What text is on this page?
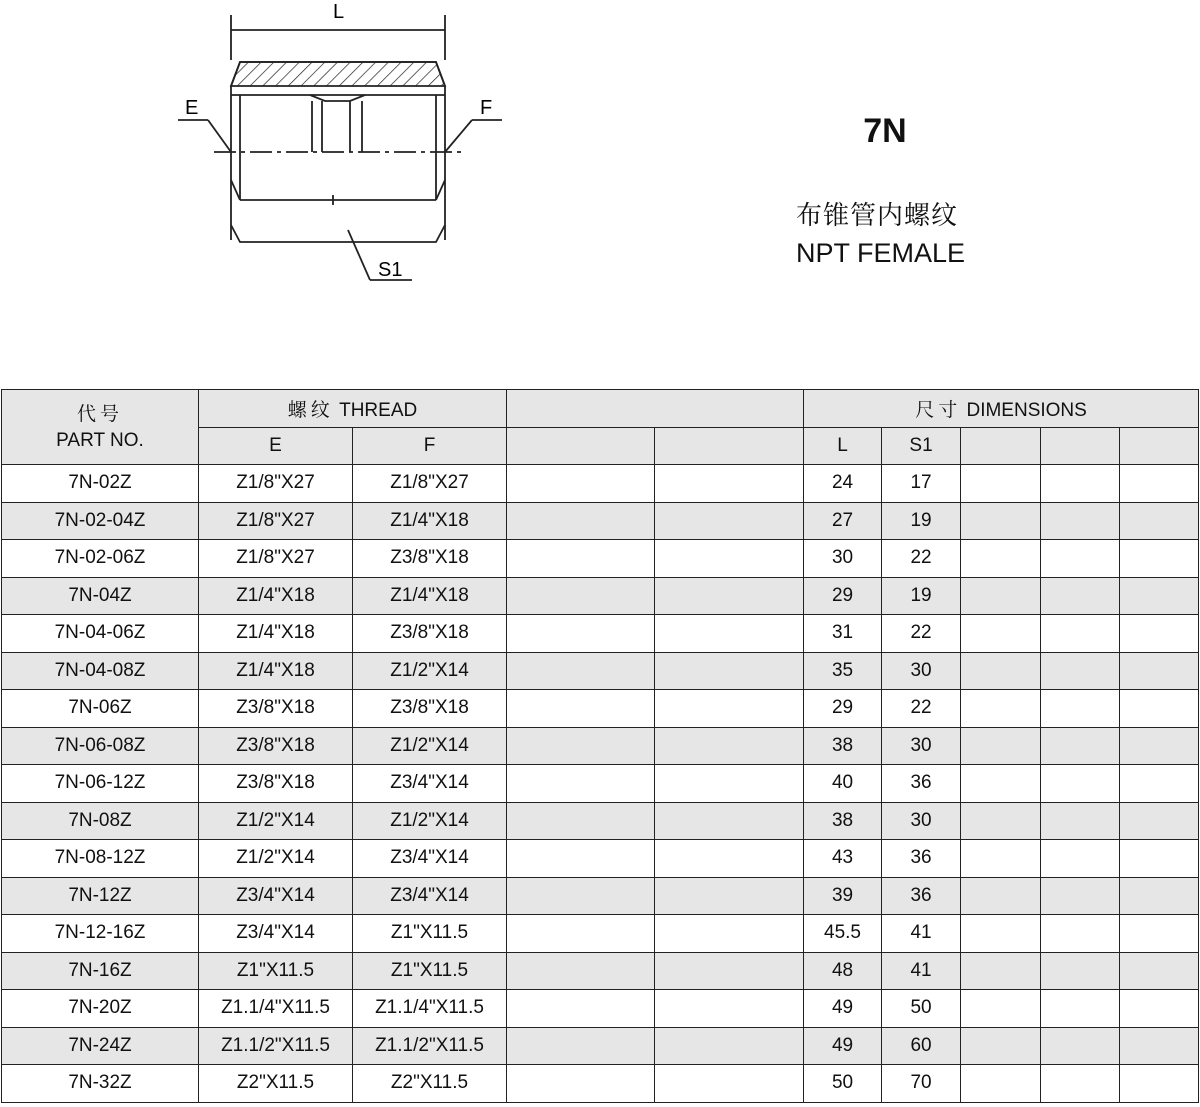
L
E	F
S1
7N
布锥管内螺纹
NPT FEMALE
代号
PART NO.	螺纹 THREAD				尺寸 DIMENSIONS				
	E	F			L	S1			
7N-02Z	Z1/8"X27	Z1/8"X27			24	17			
7N-02-04Z	Z1/8"X27	Z1/4"X18			27	19			
7N-02-06Z	Z1/8"X27	Z3/8"X18			30	22			
7N-04Z	Z1/4"X18	Z1/4"X18			29	19			
7N-04-06Z	Z1/4"X18	Z3/8"X18			31	22			
7N-04-08Z	Z1/4"X18	Z1/2"X14			35	30			
7N-06Z	Z3/8"X18	Z3/8"X18			29	22			
7N-06-08Z	Z3/8"X18	Z1/2"X14			38	30			
7N-06-12Z	Z3/8"X18	Z3/4"X14			40	36			
7N-08Z	Z1/2"X14	Z1/2"X14			38	30			
7N-08-12Z	Z1/2"X14	Z3/4"X14			43	36			
7N-12Z	Z3/4"X14	Z3/4"X14			39	36			
7N-12-16Z	Z3/4"X14	Z1"X11.5			45.5	41			
7N-16Z	Z1"X11.5	Z1"X11.5			48	41			
7N-20Z	Z1.1/4"X11.5	Z1.1/4"X11.5			49	50			
7N-24Z	Z1.1/2"X11.5	Z1.1/2"X11.5			49	60			
7N-32Z	Z2"X11.5	Z2"X11.5			50	70			
